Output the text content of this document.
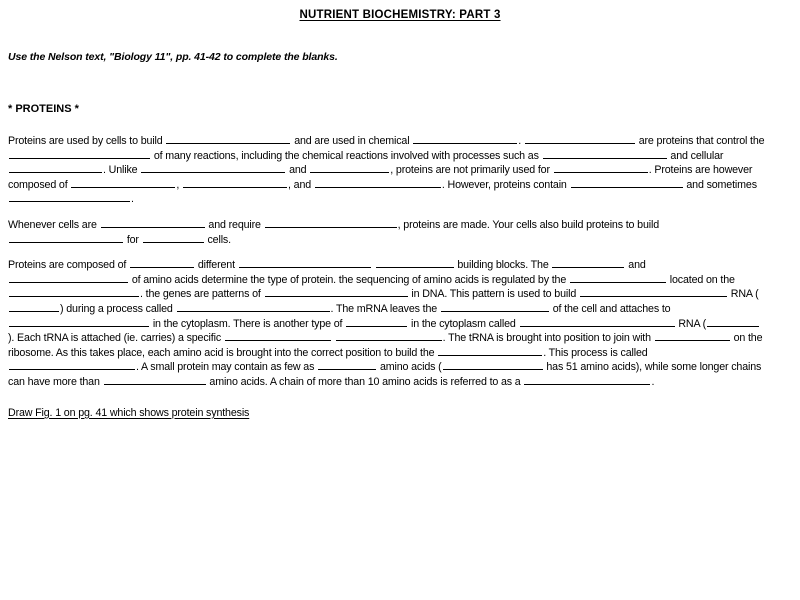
NUTRIENT BIOCHEMISTRY: PART 3

Use the Nelson text, "Biology 11", pp. 41-42 to complete the blanks.

* PROTEINS *

Proteins are used by cells to build	and are used in chemical	.	are proteins that control the  of many reactions, including the chemical reactions involved with processes such as	and cellular . Unlike	and	, proteins are not primarily used for	. Proteins are however composed of	,	, and	. However, proteins contain	and sometimes .

Whenever cells are	and require	, proteins are made. Your cells also build proteins to build  for	cells.

Proteins are composed of	different	building blocks. The	and  of amino acids determine the type of protein. the sequencing of amino acids is regulated by the	located on the . the genes are patterns of	in DNA. This pattern is used to build	RNA () during a process called	. The mRNA leaves the	of the cell and attaches to  in the cytoplasm. There is another type of	in the cytoplasm called	RNA (). Each tRNA is attached (ie. carries) a specific	. The tRNA is brought into position to join with	on the ribosome. As this takes place, each amino acid is brought into the correct position to build the	. This process is called . A small protein may contain as few as	amino acids (	has 51 amino acids), while some longer chains can have more than	amino acids. A chain of more than 10 amino acids is referred to as a	.

Draw Fig. 1 on pg. 41 which shows protein synthesis
